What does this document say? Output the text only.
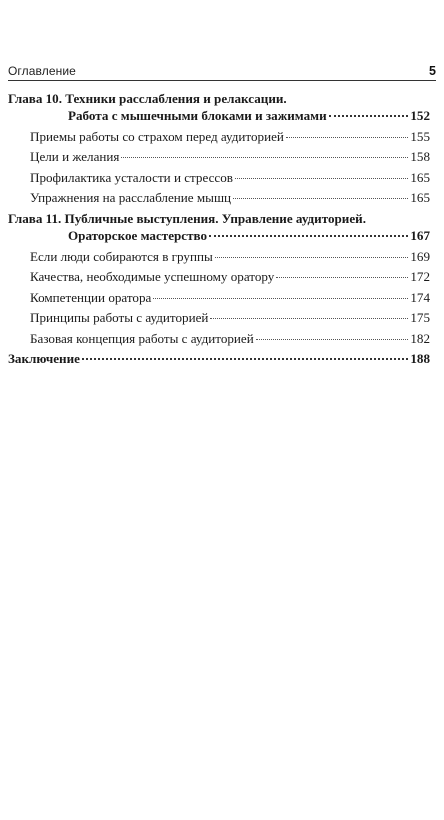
Оглавление	5
Глава 10. Техники расслабления и релаксации.
Работа с мышечными блоками и зажимами	152
Приемы работы со страхом перед аудиторией	155
Цели и желания	158
Профилактика усталости и стрессов	165
Упражнения на расслабление мышц	165
Глава 11. Публичные выступления. Управление аудиторией.
Ораторское мастерство	167
Если люди собираются в группы	169
Качества, необходимые успешному оратору	172
Компетенции оратора	174
Принципы работы с аудиторией	175
Базовая концепция работы с аудиторией	182
Заключение	188
